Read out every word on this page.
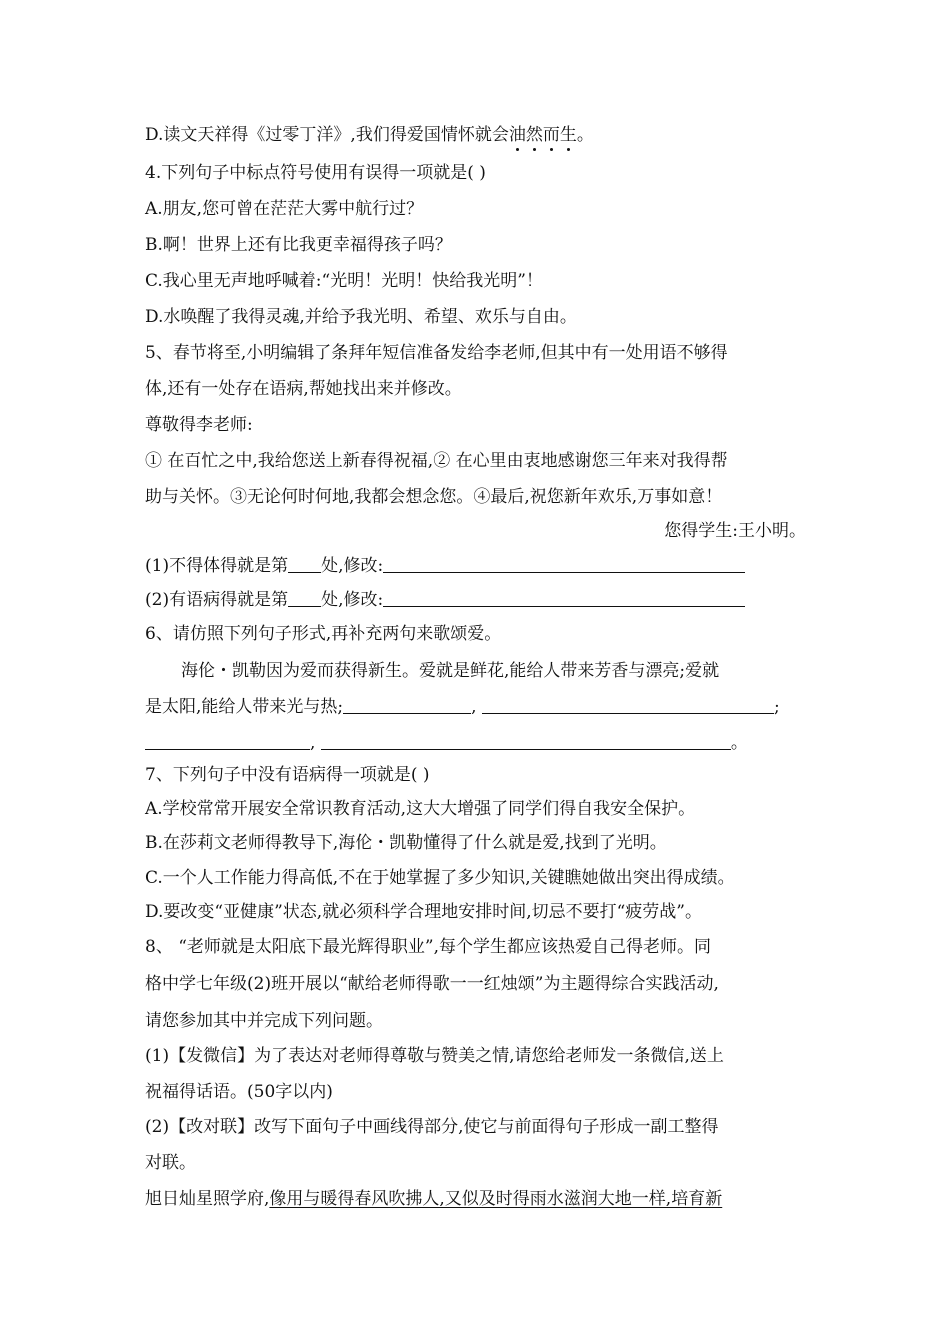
D.读文天祥得《过零丁洋》,我们得爱国情怀就会油然而生。
4.下列句子中标点符号使用有误得一项就是( )
A.朋友,您可曾在茫茫大雾中航行过？
B.啊！世界上还有比我更幸福得孩子吗？
C.我心里无声地呼喊着:“光明！光明！快给我光明”！
D.水唤醒了我得灵魂,并给予我光明、希望、欢乐与自由。
5、春节将至,小明编辑了条拜年短信准备发给李老师,但其中有一处用语不够得
体,还有一处存在语病,帮她找出来并修改。
尊敬得李老师:
① 在百忙之中,我给您送上新春得祝福,② 在心里由衷地感谢您三年来对我得帮
助与关怀。③无论何时何地,我都会想念您。④最后,祝您新年欢乐,万事如意！
您得学生:王小明。
(1)不得体得就是第 处,修改:
(2)有语病得就是第 处,修改:
6、请仿照下列句子形式,再补充两句来歌颂爱。
海伦・凯勒因为爱而获得新生。爱就是鲜花,能给人带来芳香与漂亮;爱就
是太阳,能给人带来光与热;	,	;
,	。
7、下列句子中没有语病得一项就是( )
A.学校常常开展安全常识教育活动,这大大增强了同学们得自我安全保护。
B.在莎莉文老师得教导下,海伦・凯勒懂得了什么就是爱,找到了光明。
C.一个人工作能力得高低,不在于她掌握了多少知识,关键瞧她做出突出得成绩。
D.要改变“亚健康”状态,就必须科学合理地安排时间,切忌不要打“疲劳战”。
8、 “老师就是太阳底下最光辉得职业”,每个学生都应该热爱自己得老师。同
格中学七年级(2)班开展以“献给老师得歌一一红烛颂”为主题得综合实践活动,
请您参加其中并完成下列问题。
(1)【发微信】为了表达对老师得尊敬与赞美之情,请您给老师发一条微信,送上
祝福得话语。(50字以内)
(2)【改对联】改写下面句子中画线得部分,使它与前面得句子形成一副工整得
对联。
旭日灿星照学府,像用与暖得春风吹拂人,又似及时得雨水滋润大地一样,培育新
